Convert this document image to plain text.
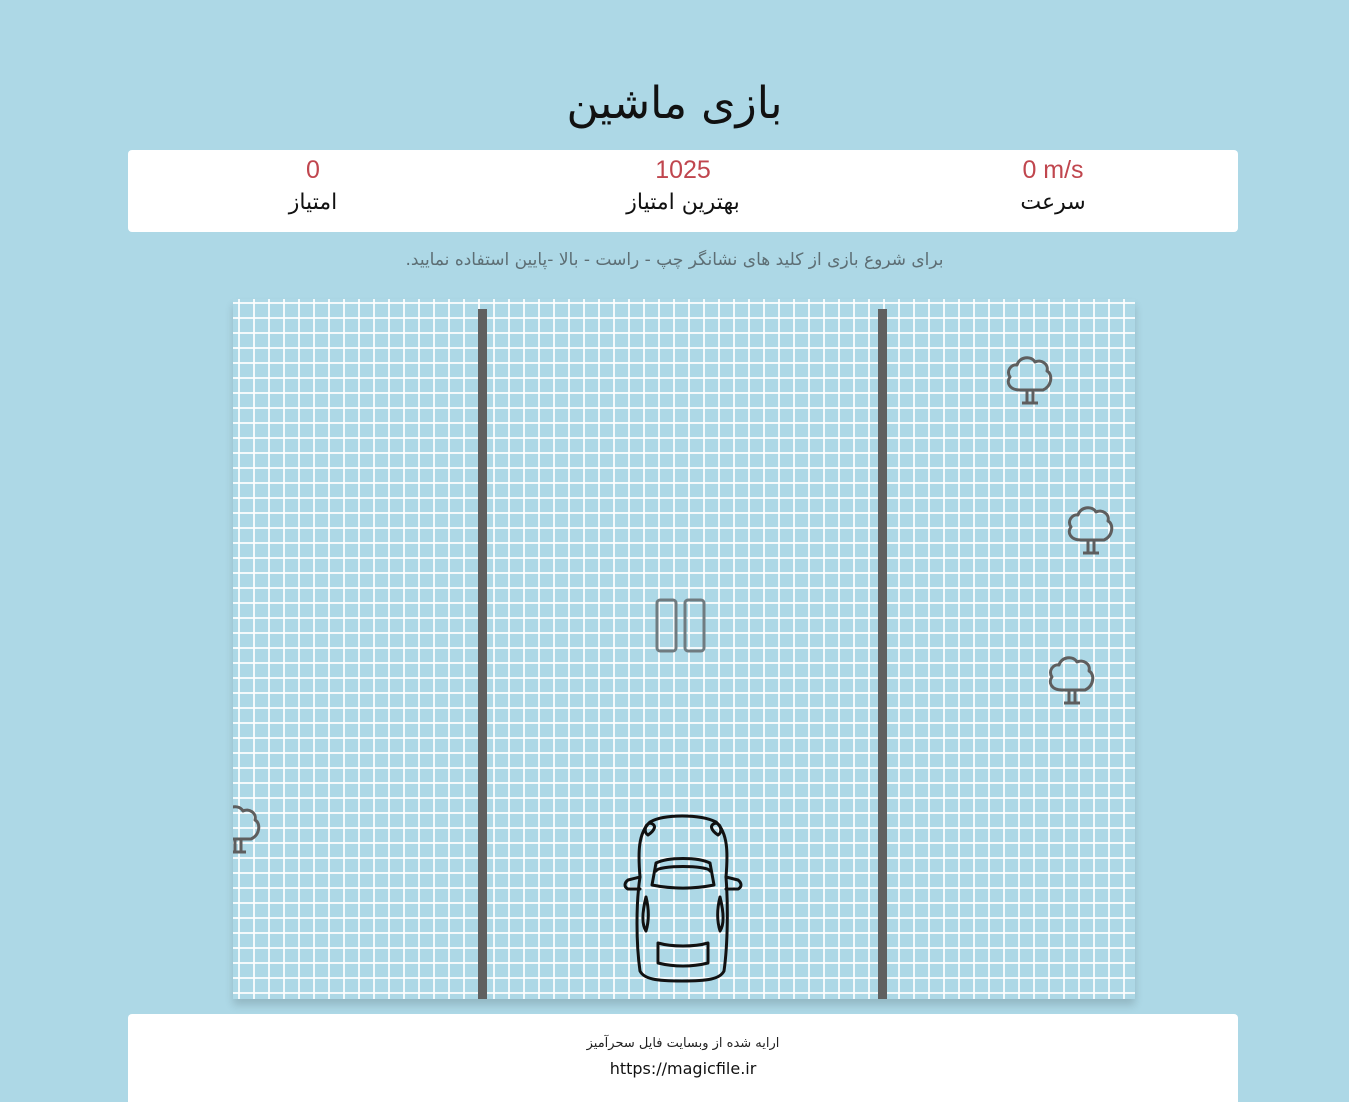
بازی ماشین
0
امتیاز
1025
بهترین امتیاز
0 m/s
سرعت
.برای شروع بازی از کلید های نشانگر چپ - راست - بالا -پایین استفاده نمایید
ارایه شده از وبسایت فایل سحرآمیز
https://magicfile.ir
